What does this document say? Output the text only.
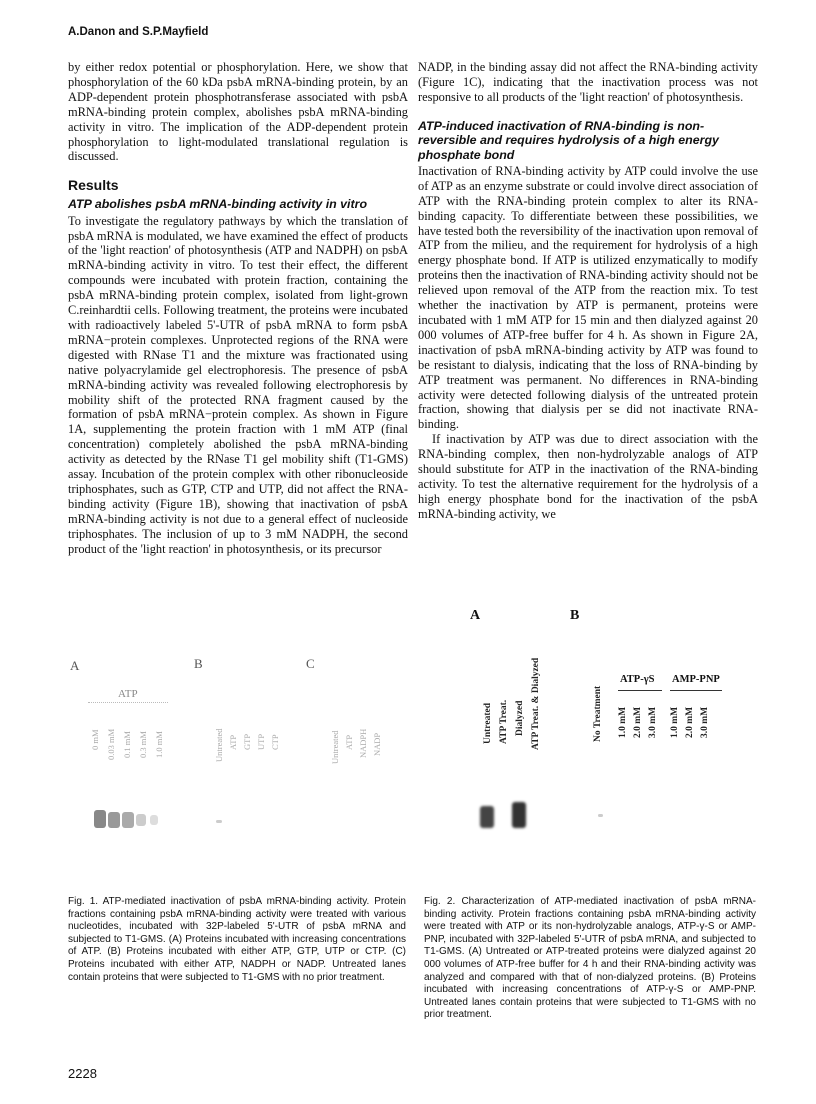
A.Danon and S.P.Mayfield

by either redox potential or phosphorylation. Here, we show that phosphorylation of the 60 kDa psbA mRNA-binding protein, by an ADP-dependent protein phosphotransferase associated with psbA mRNA-binding protein complex, abolishes psbA mRNA-binding activity in vitro. The implication of the ADP-dependent protein phosphorylation to light-modulated translational regulation is discussed.

Results
ATP abolishes psbA mRNA-binding activity in vitro

To investigate the regulatory pathways by which the translation of psbA mRNA is modulated, we have examined the effect of products of the 'light reaction' of photosynthesis (ATP and NADPH) on psbA mRNA-binding activity in vitro. To test their effect, the different compounds were incubated with protein fraction, containing the psbA mRNA-binding protein complex, isolated from light-grown C.reinhardtii cells. Following treatment, the proteins were incubated with radioactively labeled 5'-UTR of psbA mRNA to form psbA mRNA−protein complexes. Unprotected regions of the RNA were digested with RNase T1 and the mixture was fractionated using native polyacrylamide gel electrophoresis. The presence of psbA mRNA-binding activity was revealed following electrophoresis by mobility shift of the protected RNA fragment caused by the formation of psbA mRNA−protein complex. As shown in Figure 1A, supplementing the protein fraction with 1 mM ATP (final concentration) completely abolished the psbA mRNA-binding activity as detected by the RNase T1 gel mobility shift (T1-GMS) assay. Incubation of the protein complex with other ribonucleoside triphosphates, such as GTP, CTP and UTP, did not affect the RNA-binding activity (Figure 1B), showing that inactivation of psbA mRNA-binding activity is not due to a general effect of nucleoside triphosphates. The inclusion of up to 3 mM NADPH, the second product of the 'light reaction' in photosynthesis, or its precursor

NADP, in the binding assay did not affect the RNA-binding activity (Figure 1C), indicating that the inactivation process was not responsive to all products of the 'light reaction' of photosynthesis.

ATP-induced inactivation of RNA-binding is non-reversible and requires hydrolysis of a high energy phosphate bond

Inactivation of RNA-binding activity by ATP could involve the use of ATP as an enzyme substrate or could involve direct association of ATP with the RNA-binding protein complex to alter its RNA-binding capacity. To differentiate between these possibilities, we have tested both the reversibility of the inactivation upon removal of ATP from the milieu, and the requirement for hydrolysis of a high energy phosphate bond. If ATP is utilized enzymatically to modify proteins then the inactivation of RNA-binding activity should not be relieved upon removal of the ATP from the reaction mix. To test whether the inactivation by ATP is permanent, proteins were incubated with 1 mM ATP for 15 min and then dialyzed against 20 000 volumes of ATP-free buffer for 4 h. As shown in Figure 2A, inactivation of psbA mRNA-binding activity by ATP was found to be resistant to dialysis, indicating that the loss of RNA-binding by ATP treatment was permanent. No differences in RNA-binding activity were detected following dialysis of the untreated protein fraction, showing that dialysis per se did not inactivate RNA-binding.

If inactivation by ATP was due to direct association with the RNA-binding complex, then non-hydrolyzable analogs of ATP should substitute for ATP in the inactivation of the RNA-binding activity. To test the alternative requirement for the hydrolysis of a high energy phosphate bond for the inactivation of the psbA mRNA-binding activity, we

A	B	C
ATP
0 mM 0.03 mM 0.1 mM 0.3 mM 1.0 mM	Untreated ATP GTP UTP CTP	Untreated ATP NADPH NADP
Fig. 1. ATP-mediated inactivation of psbA mRNA-binding activity. Protein fractions containing psbA mRNA-binding activity were treated with various nucleotides, incubated with 32P-labeled 5'-UTR of psbA mRNA and subjected to T1-GMS. (A) Proteins incubated with increasing concentrations of ATP. (B) Proteins incubated with either ATP, GTP, UTP or CTP. (C) Proteins incubated with either ATP, NADPH or NADP. Untreated lanes contain proteins that were subjected to T1-GMS with no prior treatment.
A	B
Untreated ATP Treat. Dialyzed ATP Treat. & Dialyzed	No Treatment
ATP-γS AMP-PNP
1.0 mM 2.0 mM 3.0 mM 1.0 mM 2.0 mM 3.0 mM
Fig. 2. Characterization of ATP-mediated inactivation of psbA mRNA-binding activity. Protein fractions containing psbA mRNA-binding activity were treated with ATP or its non-hydrolyzable analogs, ATP-γ-S or AMP-PNP, incubated with 32P-labeled 5'-UTR of psbA mRNA, and subjected to T1-GMS. (A) Untreated or ATP-treated proteins were dialyzed against 20 000 volumes of ATP-free buffer for 4 h and their RNA-binding activity was analyzed and compared with that of non-dialyzed proteins. (B) Proteins incubated with increasing concentrations of ATP-γ-S or AMP-PNP. Untreated lanes contain proteins that were subjected to T1-GMS with no prior treatment.
2228
